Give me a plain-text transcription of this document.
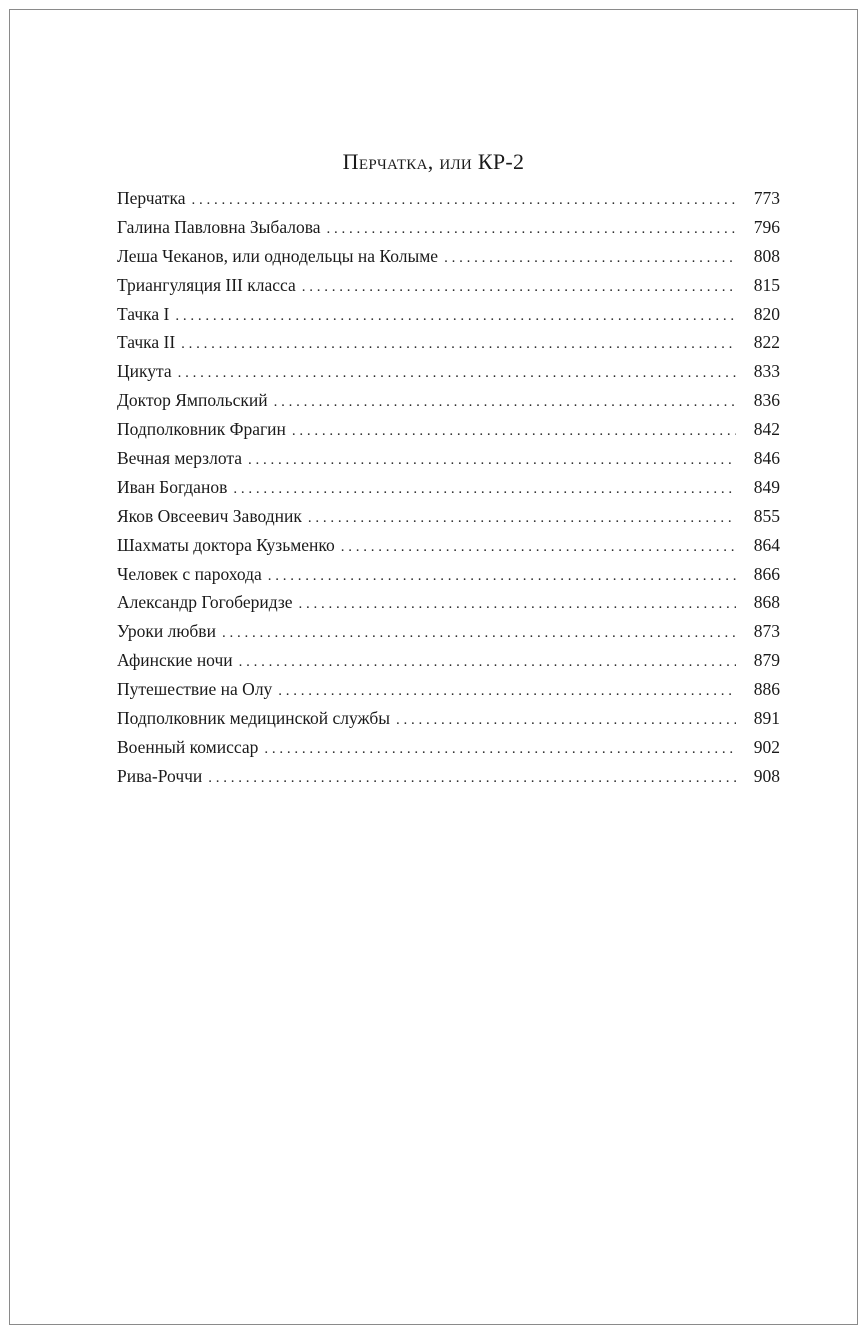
Перчатка, или КР-2
Перчатка . . .	773
Галина Павловна Зыбалова . . .	796
Леша Чеканов, или однодельцы на Колыме . . .	808
Триангуляция III класса . . .	815
Тачка I . . .	820
Тачка II . . .	822
Цикута . . .	833
Доктор Ямпольский . . .	836
Подполковник Фрагин . . .	842
Вечная мерзлота . . .	846
Иван Богданов . . .	849
Яков Овсеевич Заводник . . .	855
Шахматы доктора Кузьменко . . .	864
Человек с парохода . . .	866
Александр Гогоберидзе . . .	868
Уроки любви . . .	873
Афинские ночи . . .	879
Путешествие на Олу . . .	886
Подполковник медицинской службы . . .	891
Военный комиссар . . .	902
Рива-Роччи . . .	908
